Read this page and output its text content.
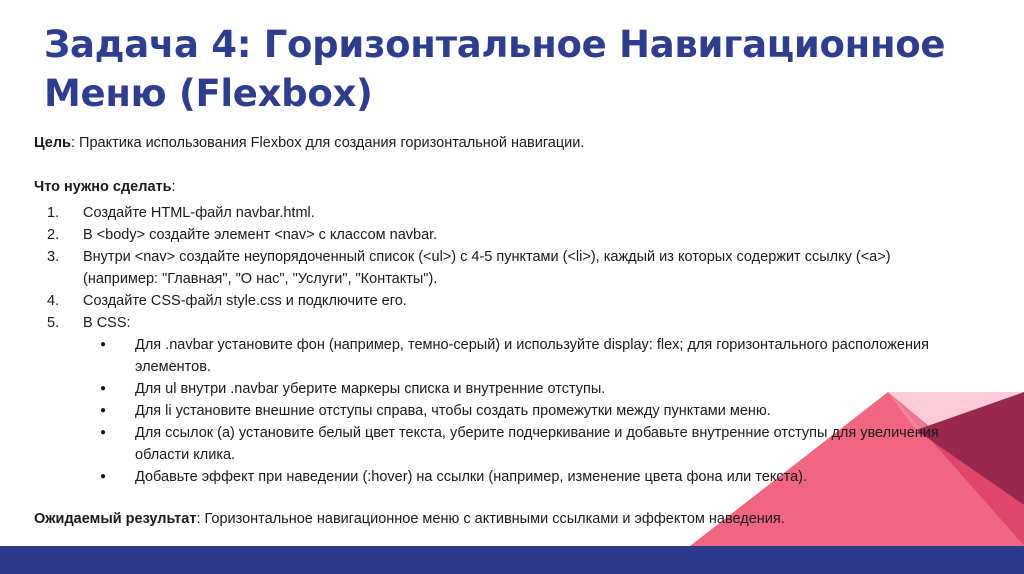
Задача 4: Горизонтальное Навигационное Меню (Flexbox)

Цель: Практика использования Flexbox для создания горизонтальной навигации.

Что нужно сделать:

1. Создайте HTML-файл navbar.html.
2. В <body> создайте элемент <nav> с классом navbar.
3. Внутри <nav> создайте неупорядоченный список (<ul>) с 4-5 пунктами (<li>), каждый из которых содержит ссылку (<a>) (например: "Главная", "О нас", "Услуги", "Контакты").
4. Создайте CSS-файл style.css и подключите его.
5. В CSS:
● Для .navbar установите фон (например, темно-серый) и используйте display: flex; для горизонтального расположения элементов.
● Для ul внутри .navbar уберите маркеры списка и внутренние отступы.
● Для li установите внешние отступы справа, чтобы создать промежутки между пунктами меню.
● Для ссылок (a) установите белый цвет текста, уберите подчеркивание и добавьте внутренние отступы для увеличения области клика.
● Добавьте эффект при наведении (:hover) на ссылки (например, изменение цвета фона или текста).

Ожидаемый результат: Горизонтальное навигационное меню с активными ссылками и эффектом наведения.
